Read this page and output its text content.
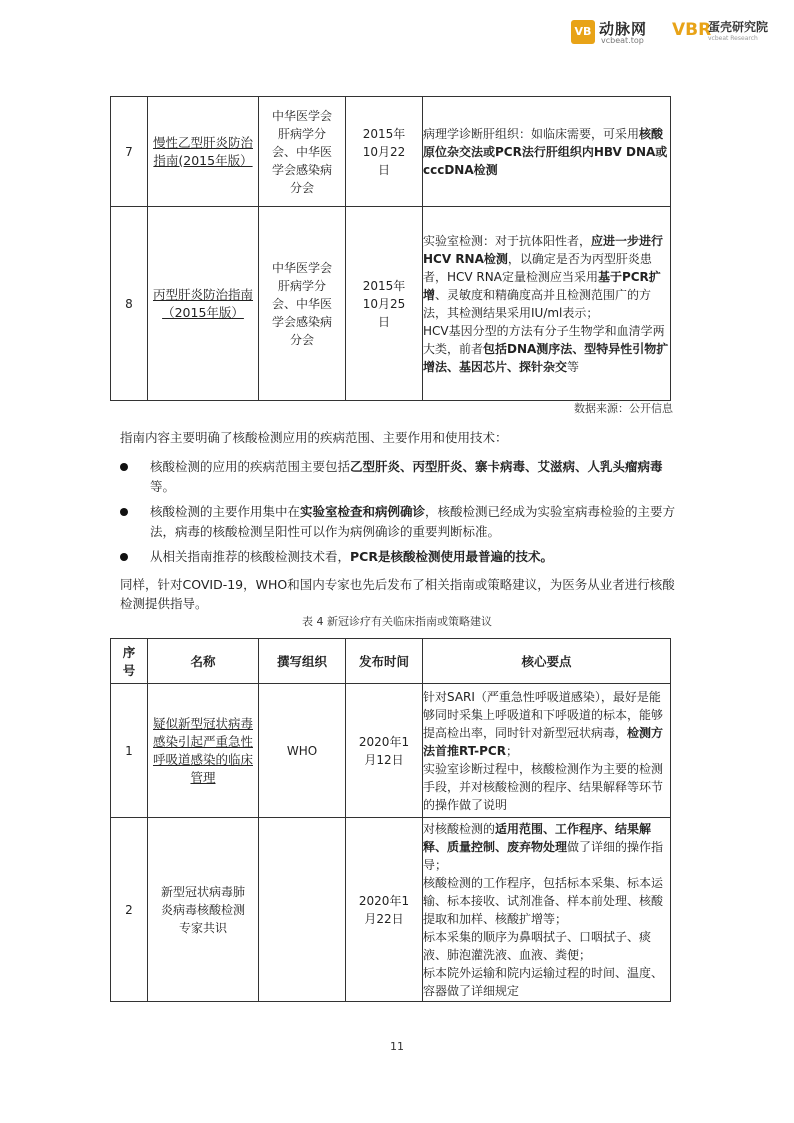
VB 动脉网
vcbeat.top
VBR
蛋壳研究院
vcbeat Research
7	慢性乙型肝炎防治指南(2015年版）	中华医学会肝病学分会、中华医学会感染病分会	2015年10月22日	病理学诊断肝组织：如临床需要，可采用核酸原位杂交法或PCR法行肝组织内HBV DNA或cccDNA检测
8	丙型肝炎防治指南（2015年版）	中华医学会肝病学分会、中华医学会感染病分会	2015年10月25日	实验室检测：对于抗体阳性者，应进一步进行HCV RNA检测，以确定是否为丙型肝炎患者，HCV RNA定量检测应当采用基于PCR扩增、灵敏度和精确度高并且检测范围广的方法，其检测结果采用IU/ml表示；
HCV基因分型的方法有分子生物学和血清学两大类，前者包括DNA测序法、型特异性引物扩增法、基因芯片、探针杂交等
数据来源：公开信息
指南内容主要明确了核酸检测应用的疾病范围、主要作用和使用技术：
核酸检测的应用的疾病范围主要包括乙型肝炎、丙型肝炎、寨卡病毒、艾滋病、人乳头瘤病毒等。
核酸检测的主要作用集中在实验室检查和病例确诊，核酸检测已经成为实验室病毒检验的主要方法，病毒的核酸检测呈阳性可以作为病例确诊的重要判断标准。
从相关指南推荐的核酸检测技术看，PCR是核酸检测使用最普遍的技术。
同样，针对COVID-19，WHO和国内专家也先后发布了相关指南或策略建议，为医务从业者进行核酸检测提供指导。
表 4 新冠诊疗有关临床指南或策略建议
序号	名称	撰写组织	发布时间	核心要点
1	疑似新型冠状病毒感染引起严重急性呼吸道感染的临床管理	WHO	2020年1月12日	针对SARI（严重急性呼吸道感染），最好是能够同时采集上呼吸道和下呼吸道的标本，能够提高检出率，同时针对新型冠状病毒，检测方法首推RT-PCR；
实验室诊断过程中，核酸检测作为主要的检测手段，并对核酸检测的程序、结果解释等环节的操作做了说明

2	新型冠状病毒肺炎病毒核酸检测专家共识		2020年1月22日	对核酸检测的适用范围、工作程序、结果解释、质量控制、废弃物处理做了详细的操作指导；
核酸检测的工作程序，包括标本采集、标本运输、标本接收、试剂准备、样本前处理、核酸提取和加样、核酸扩增等；
标本采集的顺序为鼻咽拭子、口咽拭子、痰液、肺泡灌洗液、血液、粪便；
标本院外运输和院内运输过程的时间、温度、容器做了详细规定
11
